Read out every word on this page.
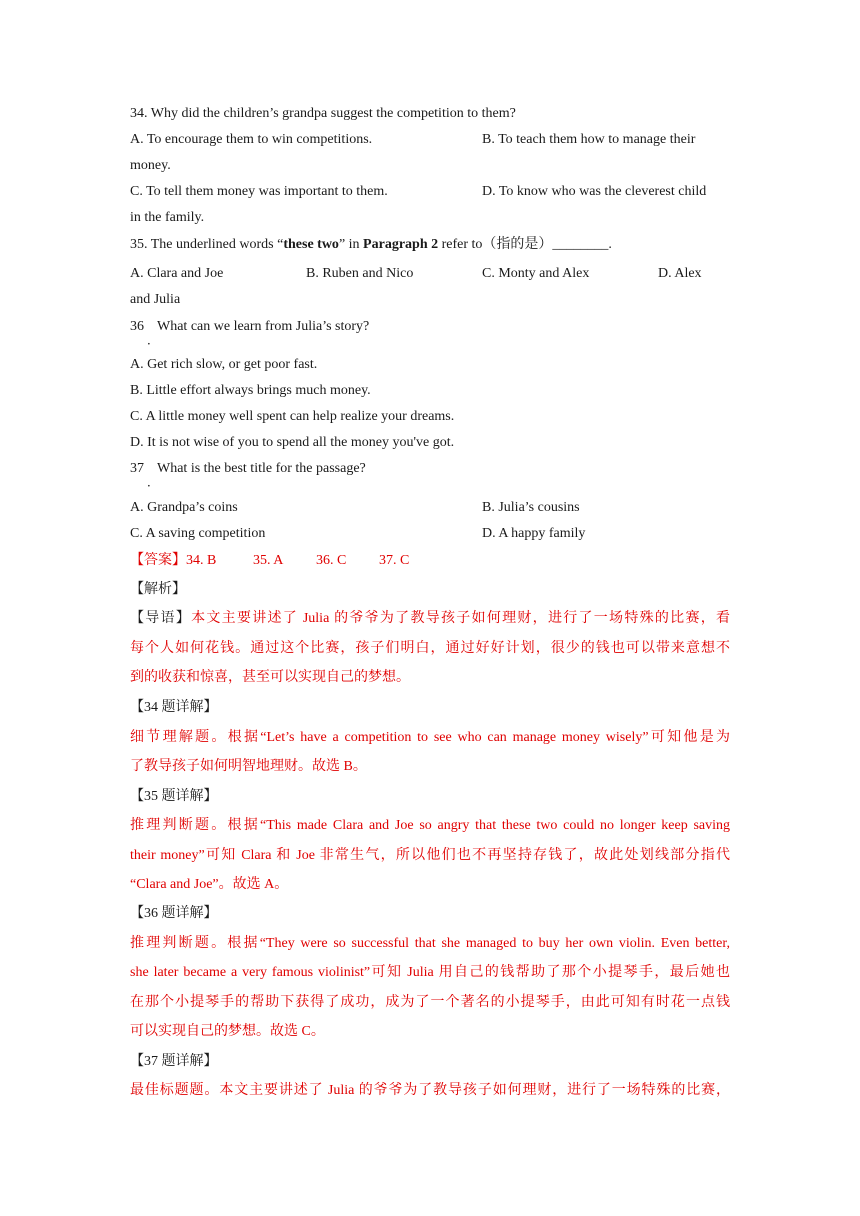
34. Why did the children’s grandpa suggest the competition to them?
A. To encourage them to win competitions.	B. To teach them how to manage their
money.
C. To tell them money was important to them.	D. To know who was the cleverest child
in the family.
35. The underlined words “these two” in Paragraph 2 refer to（指的是）________.
A. Clara and Joe	B. Ruben and Nico	C. Monty and Alex	D. Alex
and Julia
36
．
What can we learn from Julia’s story?
A. Get rich slow, or get poor fast.
B. Little effort always brings much money.
C. A little money well spent can help realize your dreams.
D. It is not wise of you to spend all the money you've got.
37
．
What is the best title for the passage?
A. Grandpa’s coins	B. Julia’s cousins
C. A saving competition	D. A happy family
【答案】 34. B	35. A 36. C 37. C
【解析】
【导语】本文主要讲述了 Julia 的爷爷为了教导孩子如何理财，进行了一场特殊的比赛，看
每个人如何花钱。通过这个比赛，孩子们明白，通过好好计划，很少的钱也可以带来意想不
到的收获和惊喜，甚至可以实现自己的梦想。
【34 题详解】
细节理解题。根据“Let’s have a competition to see who can manage money wisely”可知他是为
了教导孩子如何明智地理财。故选 B。
【35 题详解】
推理判断题。根据“This made Clara and Joe so angry that these two could no longer keep saving
their money”可知 Clara 和 Joe 非常生气，所以他们也不再坚持存钱了，故此处划线部分指代
“Clara and Joe”。故选 A。
【36 题详解】
推理判断题。根据“They were so successful that she managed to buy her own violin. Even better,
she later became a very famous violinist”可知 Julia 用自己的钱帮助了那个小提琴手，最后她也
在那个小提琴手的帮助下获得了成功，成为了一个著名的小提琴手，由此可知有时花一点钱
可以实现自己的梦想。故选 C。
【37 题详解】
最佳标题题。本文主要讲述了 Julia 的爷爷为了教导孩子如何理财，进行了一场特殊的比赛，
